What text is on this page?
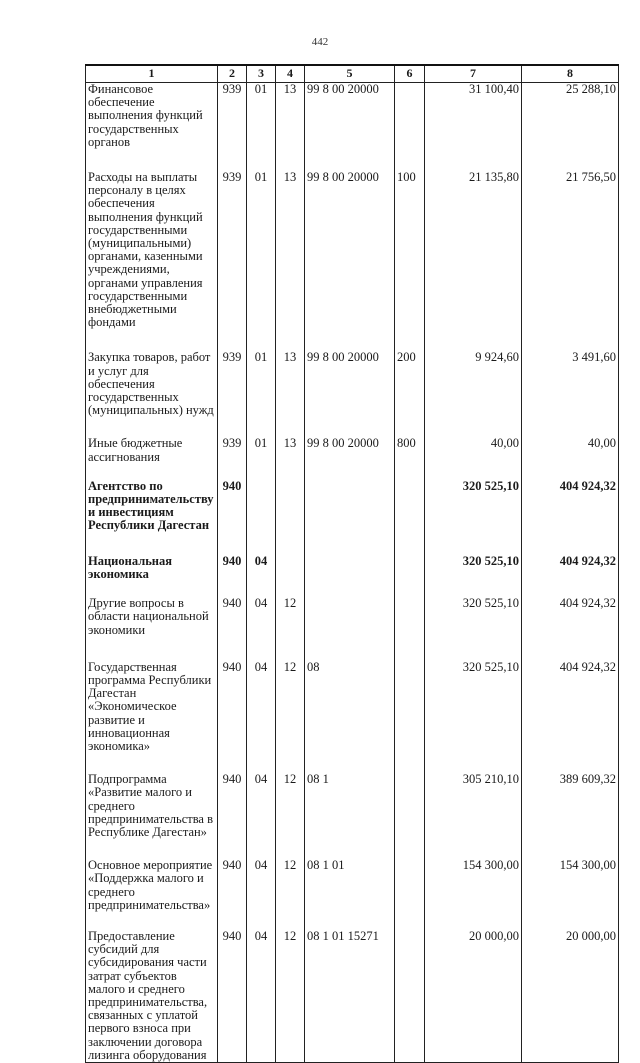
442
1	2	3	4	5	6	7	8
Финансовое обеспечение выполнения функций государственных органов	939	01	13	99 8 00 20000		31 100,40	25 288,10
Расходы на выплаты персоналу в целях обеспечения выполнения функций государственными (муниципальными) органами, казенными учреждениями, органами управления государственными внебюджетными фондами	939	01	13	99 8 00 20000	100	21 135,80	21 756,50
Закупка товаров, работ и услуг для обеспечения государственных (муниципальных) нужд	939	01	13	99 8 00 20000	200	9 924,60	3 491,60
Иные бюджетные ассигнования	939	01	13	99 8 00 20000	800	40,00	40,00
Агентство по предпринимательству и инвестициям Республики Дагестан	940					320 525,10	404 924,32
Национальная экономика	940	04				320 525,10	404 924,32
Другие вопросы в области национальной экономики	940	04	12			320 525,10	404 924,32
Государственная программа Республики Дагестан «Экономическое развитие и инновационная экономика»	940	04	12	08		320 525,10	404 924,32
Подпрограмма «Развитие малого и среднего предпринимательства в Республике Дагестан»	940	04	12	08 1		305 210,10	389 609,32
Основное мероприятие «Поддержка малого и среднего предпринимательства»	940	04	12	08 1 01		154 300,00	154 300,00
Предоставление субсидий для субсидирования части затрат субъектов малого и среднего предпринимательства, связанных с уплатой первого взноса при заключении договора лизинга оборудования	940	04	12	08 1 01 15271		20 000,00	20 000,00
